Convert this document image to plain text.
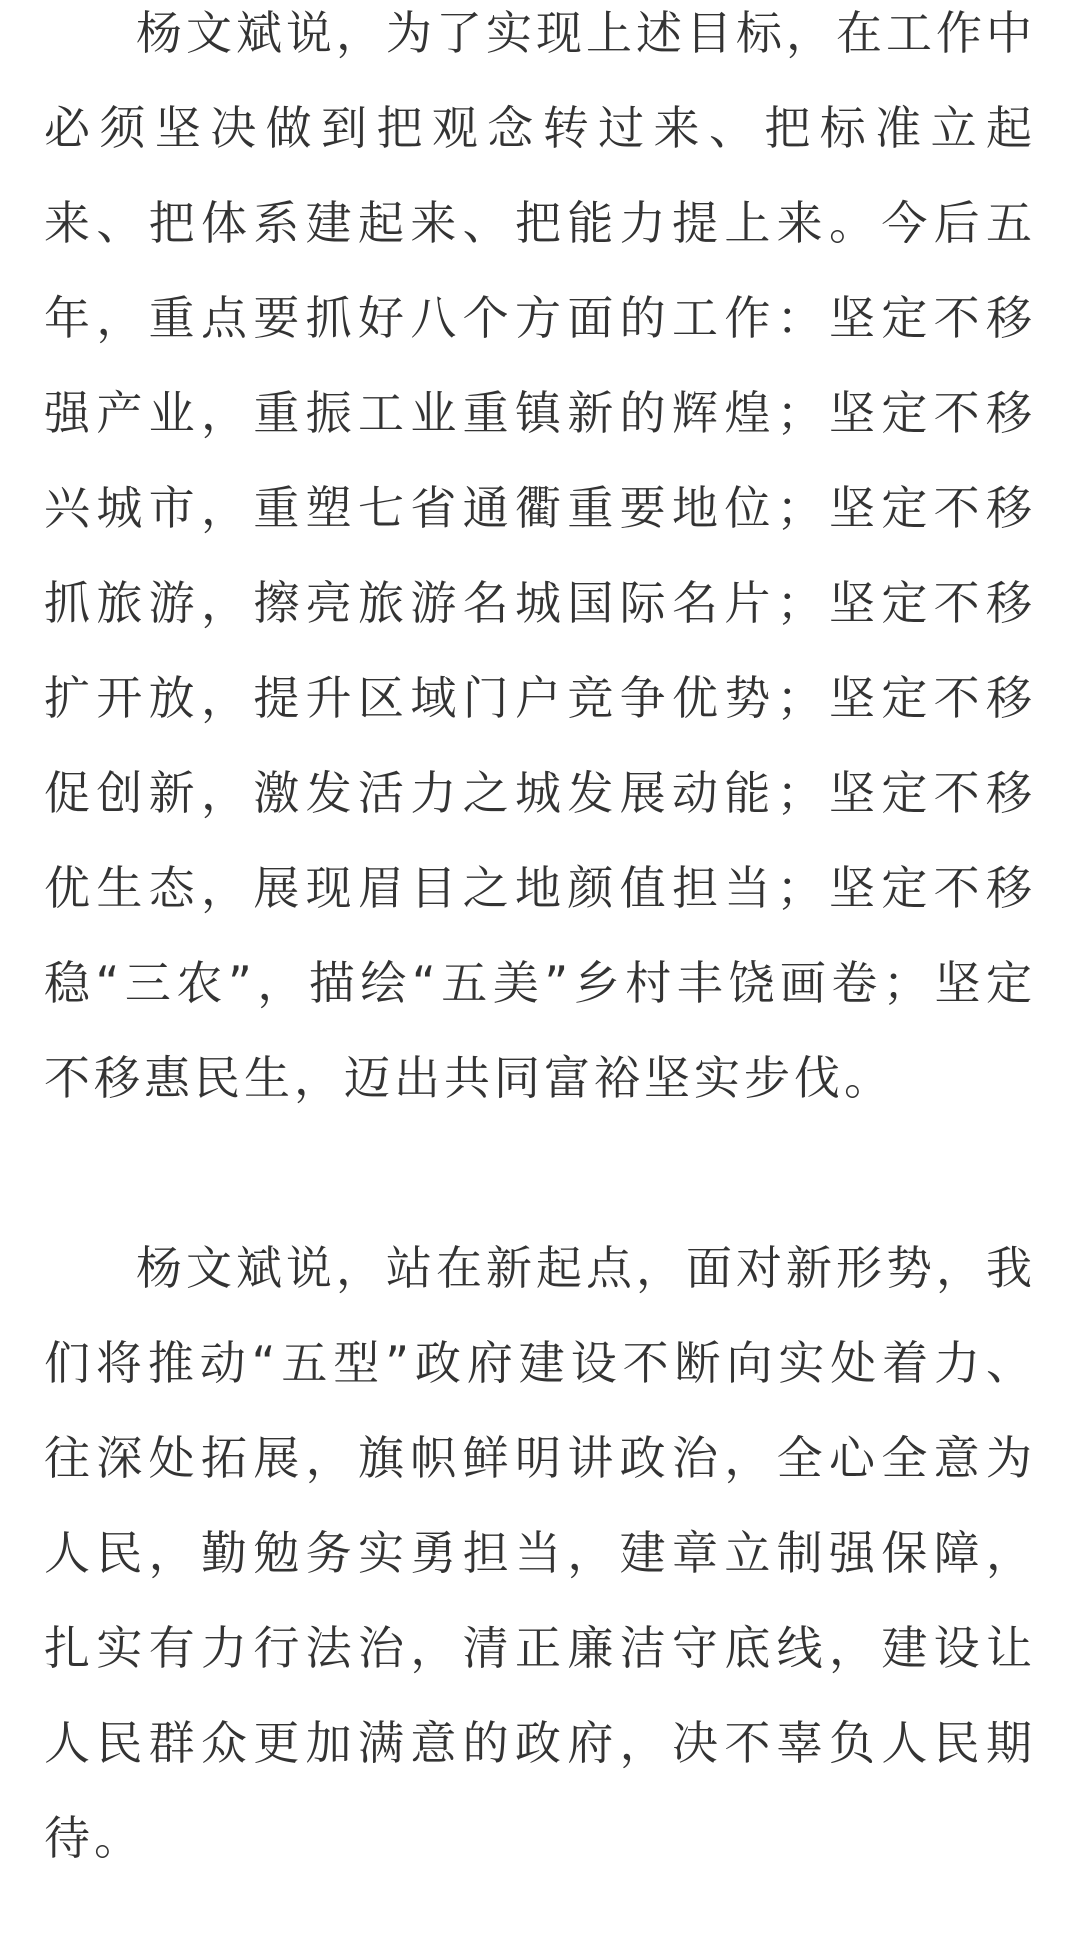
杨文斌说，为了实现上述目标，在工作中必须坚决做到把观念转过来、把标准立起来、把体系建起来、把能力提上来。今后五年，重点要抓好八个方面的工作：坚定不移强产业，重振工业重镇新的辉煌；坚定不移兴城市，重塑七省通衢重要地位；坚定不移抓旅游，擦亮旅游名城国际名片；坚定不移扩开放，提升区域门户竞争优势；坚定不移促创新，激发活力之城发展动能；坚定不移优生态，展现眉目之地颜值担当；坚定不移稳“三农”，描绘“五美”乡村丰饶画卷；坚定不移惠民生，迈出共同富裕坚实步伐。

杨文斌说，站在新起点，面对新形势，我们将推动“五型”政府建设不断向实处着力、往深处拓展，旗帜鲜明讲政治，全心全意为人民，勤勉务实勇担当，建章立制强保障，扎实有力行法治，清正廉洁守底线，建设让人民群众更加满意的政府，决不辜负人民期待。
